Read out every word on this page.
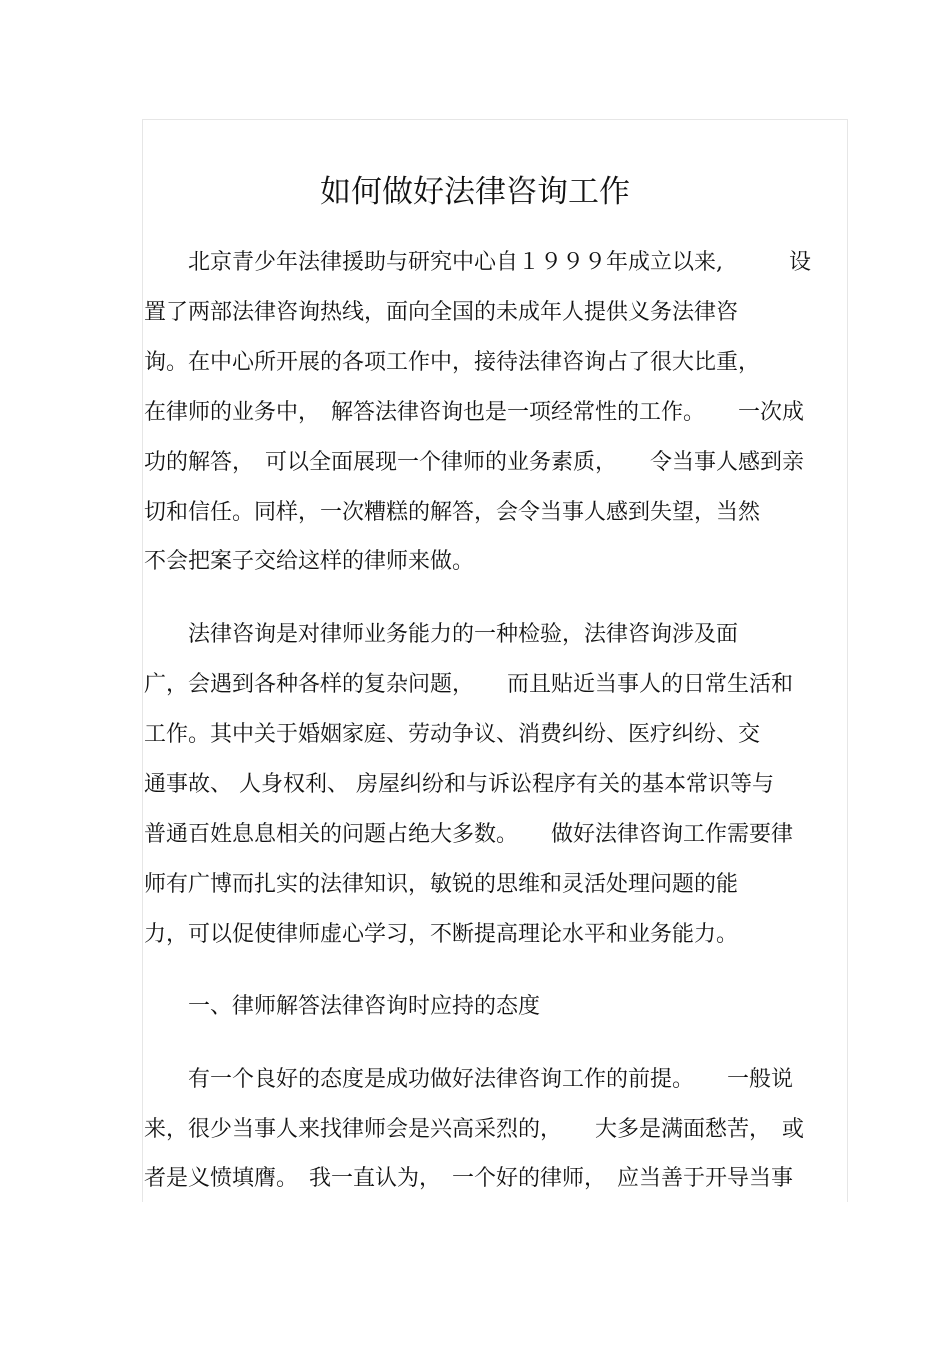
如何做好法律咨询工作
　　北京青少年法律援助与研究中心自１９９９年成立以来,　　　设
置了两部法律咨询热线，面向全国的未成年人提供义务法律咨
询。在中心所开展的各项工作中，接待法律咨询占了很大比重，
在律师的业务中，　解答法律咨询也是一项经常性的工作。　　一次成
功的解答，　可以全面展现一个律师的业务素质，　　令当事人感到亲
切和信任。同样，一次糟糕的解答，会令当事人感到失望，当然
不会把案子交给这样的律师来做。
　　法律咨询是对律师业务能力的一种检验，法律咨询涉及面
广，会遇到各种各样的复杂问题，　　而且贴近当事人的日常生活和
工作。其中关于婚姻家庭、劳动争议、消费纠纷、医疗纠纷、交
通事故、 人身权利、 房屋纠纷和与诉讼程序有关的基本常识等与
普通百姓息息相关的问题占绝大多数。　　做好法律咨询工作需要律
师有广博而扎实的法律知识，敏锐的思维和灵活处理问题的能
力，可以促使律师虚心学习，不断提高理论水平和业务能力。
　　一、律师解答法律咨询时应持的态度
　　有一个良好的态度是成功做好法律咨询工作的前提。　　一般说
来，很少当事人来找律师会是兴高采烈的，　　大多是满面愁苦，　或
者是义愤填膺。　我一直认为，　一个好的律师，　应当善于开导当事
